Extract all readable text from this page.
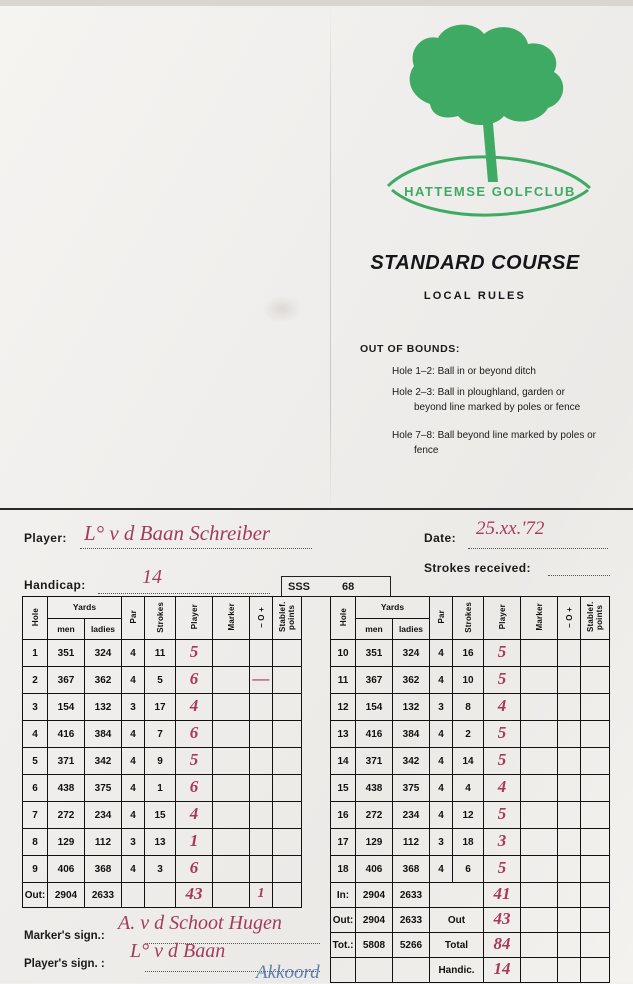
HATTEMSE GOLFCLUB
STANDARD COURSE
LOCAL RULES
OUT OF BOUNDS:
Hole 1–2: Ball in or beyond ditch
Hole 2–3: Ball in ploughland, garden or
beyond line marked by poles or fence
Hole 7–8: Ball beyond line marked by poles or
fence
Player: L° v d Baan Schreiber	Date: 25.xx.'72
Strokes received:
Handicap:	14	SSS	68
Hole	Yards		Par	Strokes	Player	Marker	– O +	Stablef. points
	men	ladies						
1	351	324	4	11	5			

2	367	362	4	5	6		—	

3	154	132	3	17	4			

4	416	384	4	7	6			

5	371	342	4	9	5			

6	438	375	4	1	6			

7	272	234	4	15	4			

8	129	112	3	13	1			

9	406	368	4	3	6			

Out:	2904	2633			43		1	

Hole	Yards		Par	Strokes	Player	Marker	– O +	Stablef. points
	men	ladies						
10	351	324	4	16	5			

11	367	362	4	10	5			

12	154	132	3	8	4			

13	416	384	4	2	5			

14	371	342	4	14	5			

15	438	375	4	4	4			

16	272	234	4	12	5			

17	129	112	3	18	3			

18	406	368	4	6	5			

In:	2904	2633			41			

Out:	2904	2633	Out		43			

Tot.:	5808	5266	Total		84			

			Handic.		14			

Marker's sign.:
A. v d Schoot Hugen
Player's sign. :
L° v d Baan
Akkoord
